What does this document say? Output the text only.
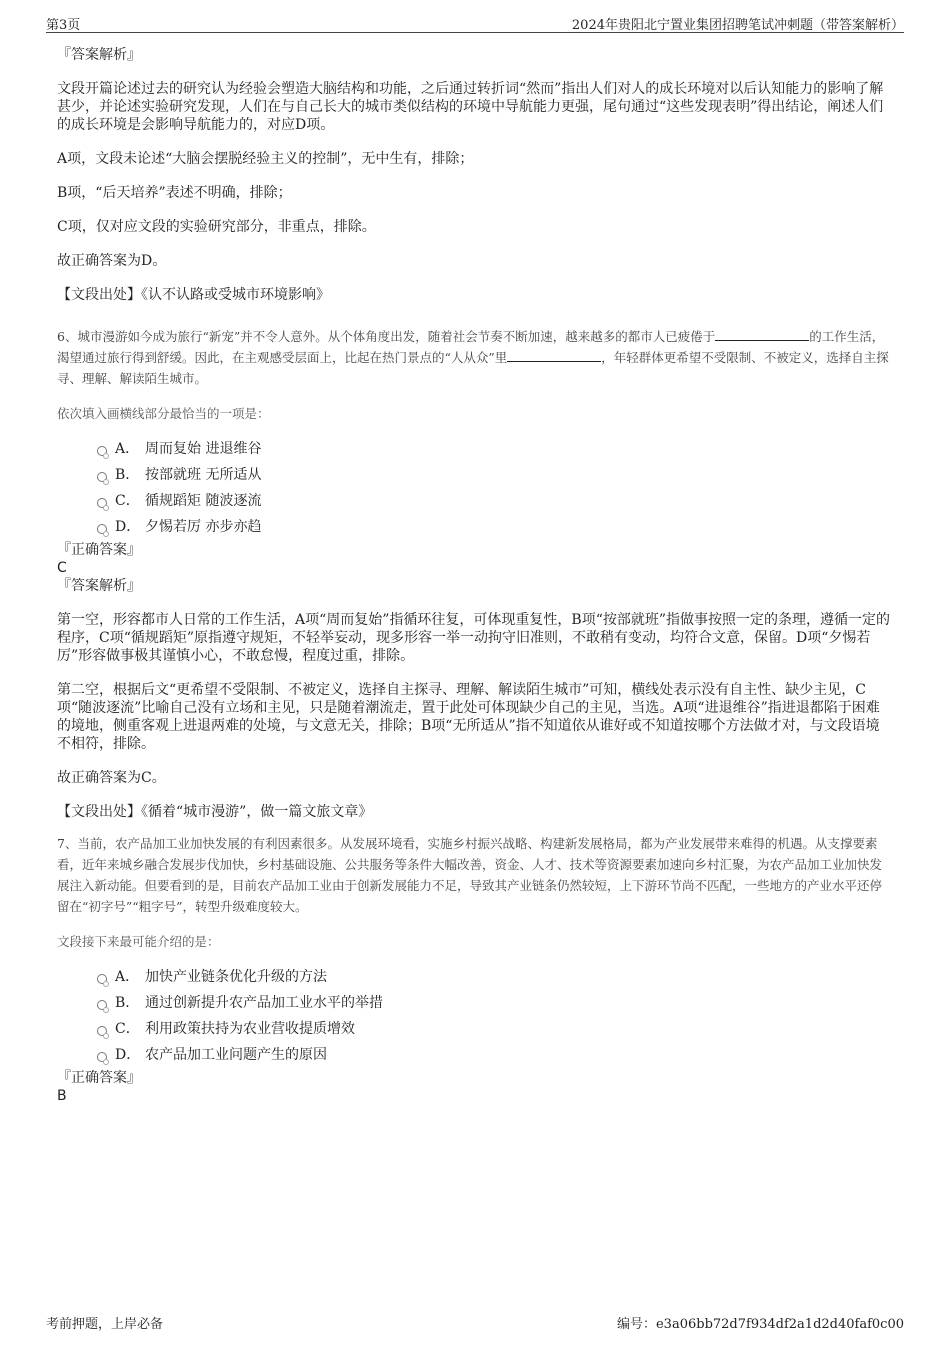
第3页	2024年贵阳北宁置业集团招聘笔试冲刺题（带答案解析）

『答案解析』

文段开篇论述过去的研究认为经验会塑造大脑结构和功能，之后通过转折词“然而”指出人们对人的成长环境对以后认知能力的影响了解甚少，并论述实验研究发现，人们在与自己长大的城市类似结构的环境中导航能力更强，尾句通过“这些发现表明”得出结论，阐述人们的成长环境是会影响导航能力的，对应D项。

A项，文段未论述“大脑会摆脱经验主义的控制”，无中生有，排除；

B项，“后天培养”表述不明确，排除；

C项，仅对应文段的实验研究部分，非重点，排除。

故正确答案为D。

【文段出处】《认不认路或受城市环境影响》

6、城市漫游如今成为旅行“新宠”并不令人意外。从个体角度出发，随着社会节奏不断加速，越来越多的都市人已疲倦于	的工作生活，渴望通过旅行得到舒缓。因此，在主观感受层面上，比起在热门景点的“人从众”里	，年轻群体更希望不受限制、不被定义，选择自主探寻、理解、解读陌生城市。

依次填入画横线部分最恰当的一项是：

A． 周而复始 进退维谷
B． 按部就班 无所适从
C． 循规蹈矩 随波逐流
D． 夕惕若厉 亦步亦趋

『正确答案』

C

『答案解析』

第一空，形容都市人日常的工作生活，A项“周而复始”指循环往复，可体现重复性，B项“按部就班”指做事按照一定的条理，遵循一定的程序，C项“循规蹈矩”原指遵守规矩，不轻举妄动，现多形容一举一动拘守旧准则，不敢稍有变动，均符合文意，保留。D项“夕惕若厉”形容做事极其谨慎小心，不敢怠慢，程度过重，排除。

第二空，根据后文“更希望不受限制、不被定义，选择自主探寻、理解、解读陌生城市”可知，横线处表示没有自主性、缺少主见，C项“随波逐流”比喻自己没有立场和主见，只是随着潮流走，置于此处可体现缺少自己的主见，当选。A项“进退维谷”指进退都陷于困难的境地，侧重客观上进退两难的处境，与文意无关，排除；B项“无所适从”指不知道依从谁好或不知道按哪个方法做才对，与文段语境不相符，排除。

故正确答案为C。

【文段出处】《循着“城市漫游”，做一篇文旅文章》

7、当前，农产品加工业加快发展的有利因素很多。从发展环境看，实施乡村振兴战略、构建新发展格局，都为产业发展带来难得的机遇。从支撑要素看，近年来城乡融合发展步伐加快，乡村基础设施、公共服务等条件大幅改善，资金、人才、技术等资源要素加速向乡村汇聚，为农产品加工业加快发展注入新动能。但要看到的是，目前农产品加工业由于创新发展能力不足，导致其产业链条仍然较短，上下游环节尚不匹配，一些地方的产业水平还停留在“初字号”“粗字号”，转型升级难度较大。

文段接下来最可能介绍的是：

A． 加快产业链条优化升级的方法
B． 通过创新提升农产品加工业水平的举措
C． 利用政策扶持为农业营收提质增效
D． 农产品加工业问题产生的原因

『正确答案』

B

考前押题，上岸必备	编号：e3a06bb72d7f934df2a1d2d40faf0c00
